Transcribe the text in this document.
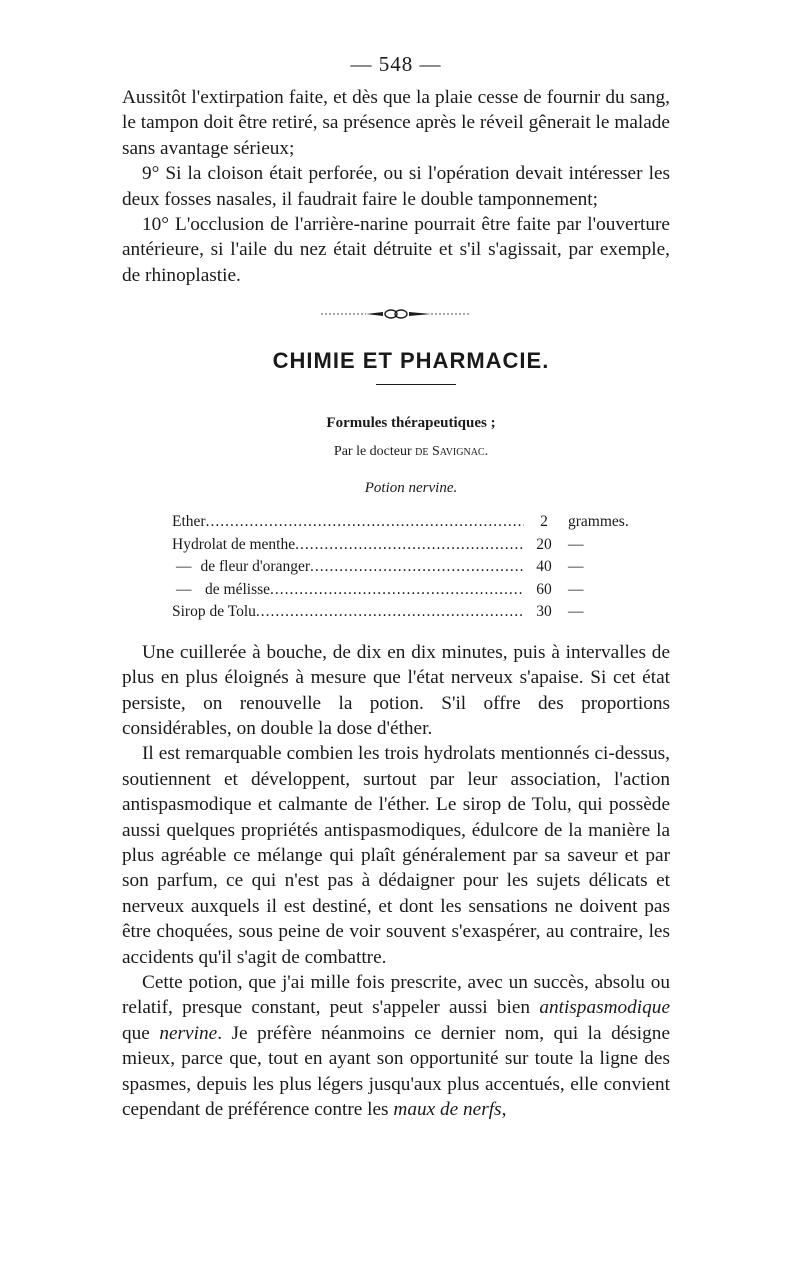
— 548 —

Aussitôt l'extirpation faite, et dès que la plaie cesse de fournir du sang, le tampon doit être retiré, sa présence après le réveil gênerait le malade sans avantage sérieux;

9° Si la cloison était perforée, ou si l'opération devait intéresser les deux fosses nasales, il faudrait faire le double tamponnement;

10° L'occlusion de l'arrière-narine pourrait être faite par l'ouverture antérieure, si l'aile du nez était détruite et s'il s'agissait, par exemple, de rhinoplastie.

CHIMIE ET PHARMACIE.
Formules thérapeutiques ;
Par le docteur de Savignac.
Potion nervine.
Ether .....	2	grammes.
Hydrolat de menthe .....	20	—
— de fleur d'oranger .....	40	—
— de mélisse .....	60	—
Sirop de Tolu .....	30	—

Une cuillerée à bouche, de dix en dix minutes, puis à intervalles de plus en plus éloignés à mesure que l'état nerveux s'apaise. Si cet état persiste, on renouvelle la potion. S'il offre des proportions considérables, on double la dose d'éther.

Il est remarquable combien les trois hydrolats mentionnés ci-dessus, soutiennent et développent, surtout par leur association, l'action antispasmodique et calmante de l'éther. Le sirop de Tolu, qui possède aussi quelques propriétés antispasmodiques, édulcore de la manière la plus agréable ce mélange qui plaît généralement par sa saveur et par son parfum, ce qui n'est pas à dédaigner pour les sujets délicats et nerveux auxquels il est destiné, et dont les sensations ne doivent pas être choquées, sous peine de voir souvent s'exaspérer, au contraire, les accidents qu'il s'agit de combattre.

Cette potion, que j'ai mille fois prescrite, avec un succès, absolu ou relatif, presque constant, peut s'appeler aussi bien antispasmodique que nervine. Je préfère néanmoins ce dernier nom, qui la désigne mieux, parce que, tout en ayant son opportunité sur toute la ligne des spasmes, depuis les plus légers jusqu'aux plus accentués, elle convient cependant de préférence contre les maux de nerfs,
